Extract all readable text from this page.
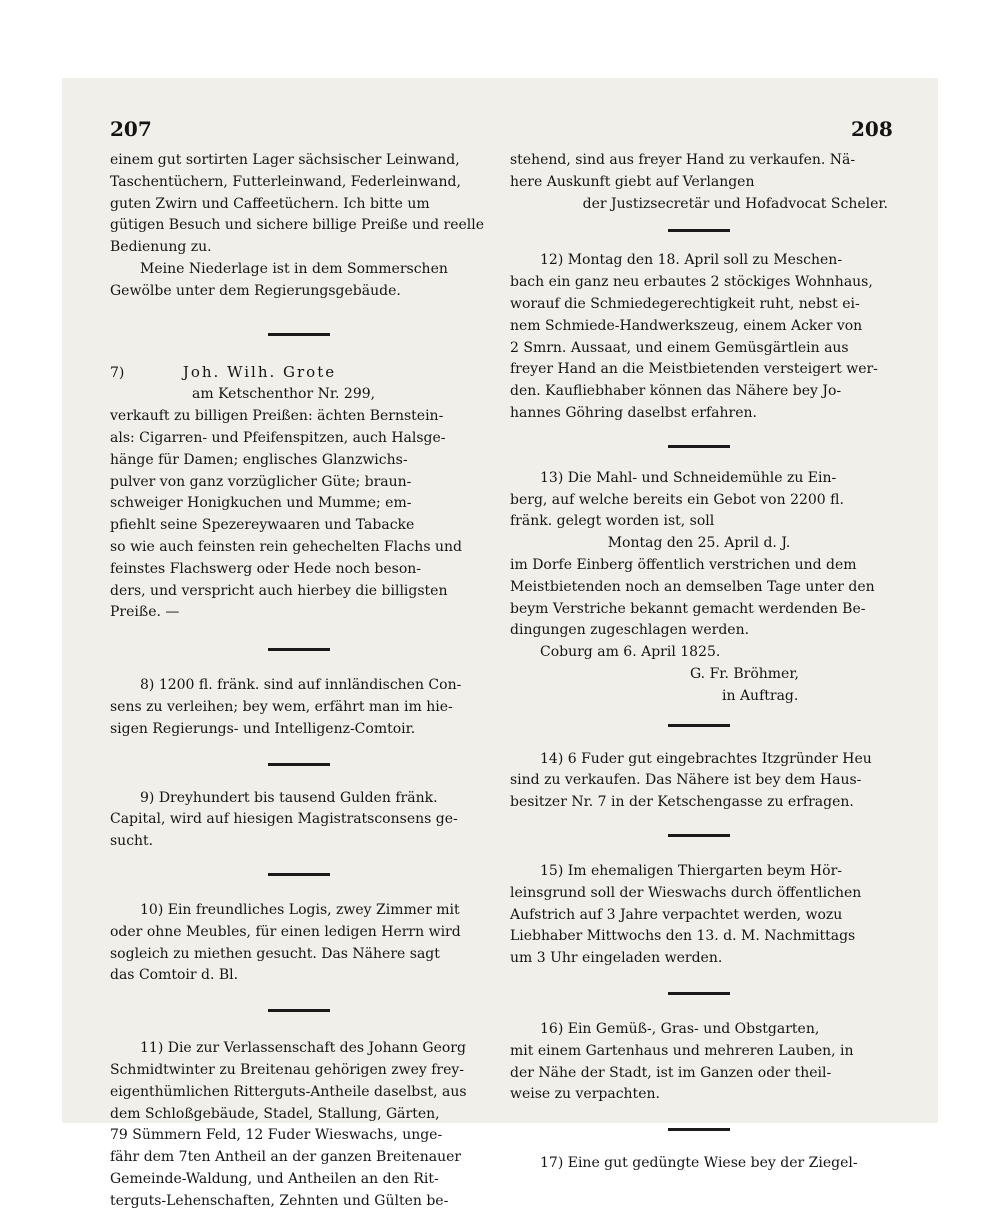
207	208

einem gut sortirten Lager sächsischer Leinwand,

Taschentüchern, Futterleinwand, Federleinwand,

guten Zwirn und Caffeetüchern. Ich bitte um

gütigen Besuch und sichere billige Preiße und reelle

Bedienung zu.

Meine Niederlage ist in dem Sommerschen

Gewölbe unter dem Regierungsgebäude.

7)	Joh. Wilh. Grote

am Ketschenthor Nr. 299,

verkauft zu billigen Preißen: ächten Bernstein-

als: Cigarren- und Pfeifenspitzen, auch Halsge-

hänge für Damen; englisches Glanzwichs-

pulver von ganz vorzüglicher Güte; braun-

schweiger Honigkuchen und Mumme; em-

pfiehlt seine Spezereywaaren und Tabacke

so wie auch feinsten rein gehechelten Flachs und

feinstes Flachswerg oder Hede noch beson-

ders, und verspricht auch hierbey die billigsten

Preiße. —

8) 1200 fl. fränk. sind auf innländischen Con-

sens zu verleihen; bey wem, erfährt man im hie-

sigen Regierungs- und Intelligenz-Comtoir.

9) Dreyhundert bis tausend Gulden fränk.

Capital, wird auf hiesigen Magistratsconsens ge-

sucht.

10) Ein freundliches Logis, zwey Zimmer mit

oder ohne Meubles, für einen ledigen Herrn wird

sogleich zu miethen gesucht. Das Nähere sagt

das Comtoir d. Bl.

11) Die zur Verlassenschaft des Johann Georg

Schmidtwinter zu Breitenau gehörigen zwey frey-

eigenthümlichen Ritterguts-Antheile daselbst, aus

dem Schloßgebäude, Stadel, Stallung, Gärten,

79 Sümmern Feld, 12 Fuder Wieswachs, unge-

fähr dem 7ten Antheil an der ganzen Breitenauer

Gemeinde-Waldung, und Antheilen an den Rit-

terguts-Lehenschaften, Zehnten und Gülten be-

stehend, sind aus freyer Hand zu verkaufen. Nä-

here Auskunft giebt auf Verlangen

der Justizsecretär und Hofadvocat Scheler.

12) Montag den 18. April soll zu Meschen-

bach ein ganz neu erbautes 2 stöckiges Wohnhaus,

worauf die Schmiedegerechtigkeit ruht, nebst ei-

nem Schmiede-Handwerkszeug, einem Acker von

2 Smrn. Aussaat, und einem Gemüsgärtlein aus

freyer Hand an die Meistbietenden versteigert wer-

den. Kaufliebhaber können das Nähere bey Jo-

hannes Göhring daselbst erfahren.

13) Die Mahl- und Schneidemühle zu Ein-

berg, auf welche bereits ein Gebot von 2200 fl.

fränk. gelegt worden ist, soll

Montag den 25. April d. J.

im Dorfe Einberg öffentlich verstrichen und dem

Meistbietenden noch an demselben Tage unter den

beym Verstriche bekannt gemacht werdenden Be-

dingungen zugeschlagen werden.

Coburg am 6. April 1825.

G. Fr. Bröhmer,

in Auftrag.

14) 6 Fuder gut eingebrachtes Itzgründer Heu

sind zu verkaufen. Das Nähere ist bey dem Haus-

besitzer Nr. 7 in der Ketschengasse zu erfragen.

15) Im ehemaligen Thiergarten beym Hör-

leinsgrund soll der Wieswachs durch öffentlichen

Aufstrich auf 3 Jahre verpachtet werden, wozu

Liebhaber Mittwochs den 13. d. M. Nachmittags

um 3 Uhr eingeladen werden.

16) Ein Gemüß-, Gras- und Obstgarten,

mit einem Gartenhaus und mehreren Lauben, in

der Nähe der Stadt, ist im Ganzen oder theil-

weise zu verpachten.

17) Eine gut gedüngte Wiese bey der Ziegel-
